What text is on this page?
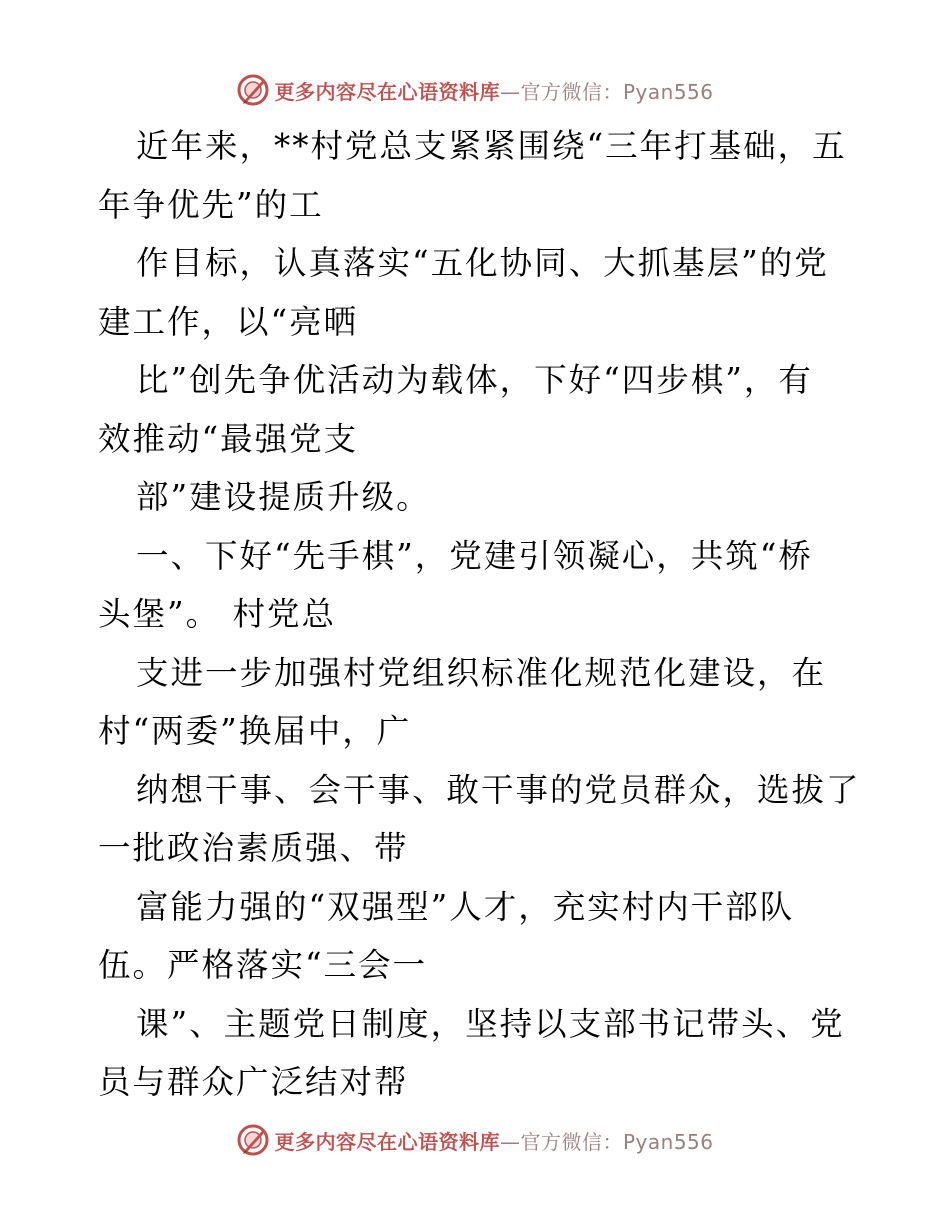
更多内容尽在心语资料库—官方微信：Pyan556
近年来，**村党总支紧紧围绕“三年打基础，五
年争优先”的工
作目标，认真落实“五化协同、大抓基层”的党
建工作，以“亮晒
比”创先争优活动为载体，下好“四步棋”，有
效推动“最强党支
部”建设提质升级。
一、下好“先手棋”，党建引领凝心，共筑“桥
头堡”。 村党总
支进一步加强村党组织标准化规范化建设，在
村“两委”换届中，广
纳想干事、会干事、敢干事的党员群众，选拔了
一批政治素质强、带
富能力强的“双强型”人才，充实村内干部队
伍。严格落实“三会一
课”、主题党日制度，坚持以支部书记带头、党
员与群众广泛结对帮
更多内容尽在心语资料库—官方微信：Pyan556
